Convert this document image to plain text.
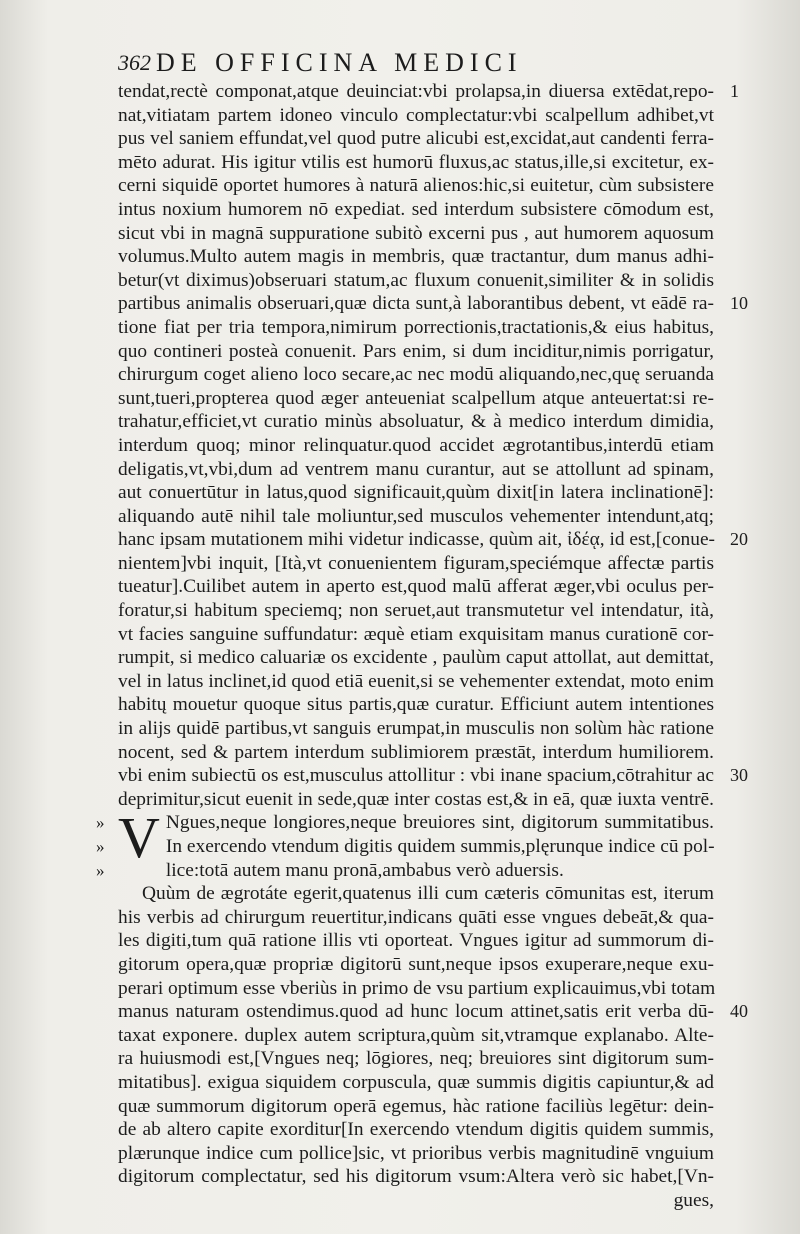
362 DE OFFICINA MEDICI
tendat,rectè componat,atque deuinciat:vbi prolapsa,in diuersa extēdat,repo- 1
nat,vitiatam partem idoneo vinculo complectatur:vbi scalpellum adhibet,vt
pus vel saniem effundat,vel quod putre alicubi est,excidat,aut candenti ferra-
mēto adurat. His igitur vtilis est humorū fluxus,ac status,ille,si excitetur, ex-
cerni siquidē oportet humores à naturā alienos:hic,si euitetur, cùm subsistere
intus noxium humorem nō expediat. sed interdum subsistere cōmodum est,
sicut vbi in magnā suppuratione subitò excerni pus , aut humorem aquosum
volumus.Multo autem magis in membris, quæ tractantur, dum manus adhi-
betur(vt diximus)obseruari statum,ac fluxum conuenit,similiter & in solidis
partibus animalis obseruari,quæ dicta sunt,à laborantibus debent, vt eādē ra- 10
tione fiat per tria tempora,nimirum porrectionis,tractationis,& eius habitus,
quo contineri posteà conuenit. Pars enim, si dum inciditur,nimis porrigatur,
chirurgum coget alieno loco secare,ac nec modū aliquando,nec,quę seruanda
sunt,tueri,propterea quod æger anteueniat scalpellum atque anteuertat:si re-
trahatur,efficiet,vt curatio minùs absoluatur, & à medico interdum dimidia,
interdum quoq; minor relinquatur.quod accidet ægrotantibus,interdū etiam
deligatis,vt,vbi,dum ad ventrem manu curantur, aut se attollunt ad spinam,
aut conuertūtur in latus,quod significauit,quùm dixit[in latera inclinationē]:
aliquando autē nihil tale moliuntur,sed musculos vehementer intendunt,atq;
hanc ipsam mutationem mihi videtur indicasse, quùm ait, ἰδέᾳ, id est,[conue- 20
nientem]vbi inquit, [Ità,vt conuenientem figuram,speciémque affectæ partis
tueatur].Cuilibet autem in aperto est,quod malū afferat æger,vbi oculus per-
foratur,si habitum speciemq; non seruet,aut transmutetur vel intendatur, ità,
vt facies sanguine suffundatur: æquè etiam exquisitam manus curationē cor-
rumpit, si medico caluariæ os excidente , paulùm caput attollat, aut demittat,
vel in latus inclinet,id quod etiā euenit,si se vehementer extendat, moto enim
habitų mouetur quoque situs partis,quæ curatur. Efficiunt autem intentiones
in alijs quidē partibus,vt sanguis erumpat,in musculis non solùm hàc ratione
nocent, sed & partem interdum sublimiorem præstāt, interdum humiliorem.
vbi enim subiectū os est,musculus attollitur : vbi inane spacium,cōtrahitur ac 30
deprimitur,sicut euenit in sede,quæ inter costas est,& in eā, quæ iuxta ventrē.
» V Ngues,neque longiores,neque breuiores sint, digitorum summitatibus.
»	In exercendo vtendum digitis quidem summis,plęrunque indice cū pol-
»	lice:totā autem manu pronā,ambabus verò aduersis.
Quùm de ægrotáte egerit,quatenus illi cum cæteris cōmunitas est, iterum
his verbis ad chirurgum reuertitur,indicans quāti esse vngues debeāt,& qua-
les digiti,tum quā ratione illis vti oporteat. Vngues igitur ad summorum di-
gitorum opera,quæ propriæ digitorū sunt,neque ipsos exuperare,neque exu-
perari optimum esse vberiùs in primo de vsu partium explicauimus,vbi totam
manus naturam ostendimus.quod ad hunc locum attinet,satis erit verba dū- 40
taxat exponere. duplex autem scriptura,quùm sit,vtramque explanabo. Alte-
ra huiusmodi est,[Vngues neq; lōgiores, neq; breuiores sint digitorum sum-
mitatibus]. exigua siquidem corpuscula, quæ summis digitis capiuntur,& ad
quæ summorum digitorum operā egemus, hàc ratione faciliùs legētur: dein-
de ab altero capite exorditur[In exercendo vtendum digitis quidem summis,
plærunque indice cum pollice]sic, vt prioribus verbis magnitudinē vnguium
digitorum complectatur, sed his digitorum vsum:Altera verò sic habet,[Vn-
gues,
